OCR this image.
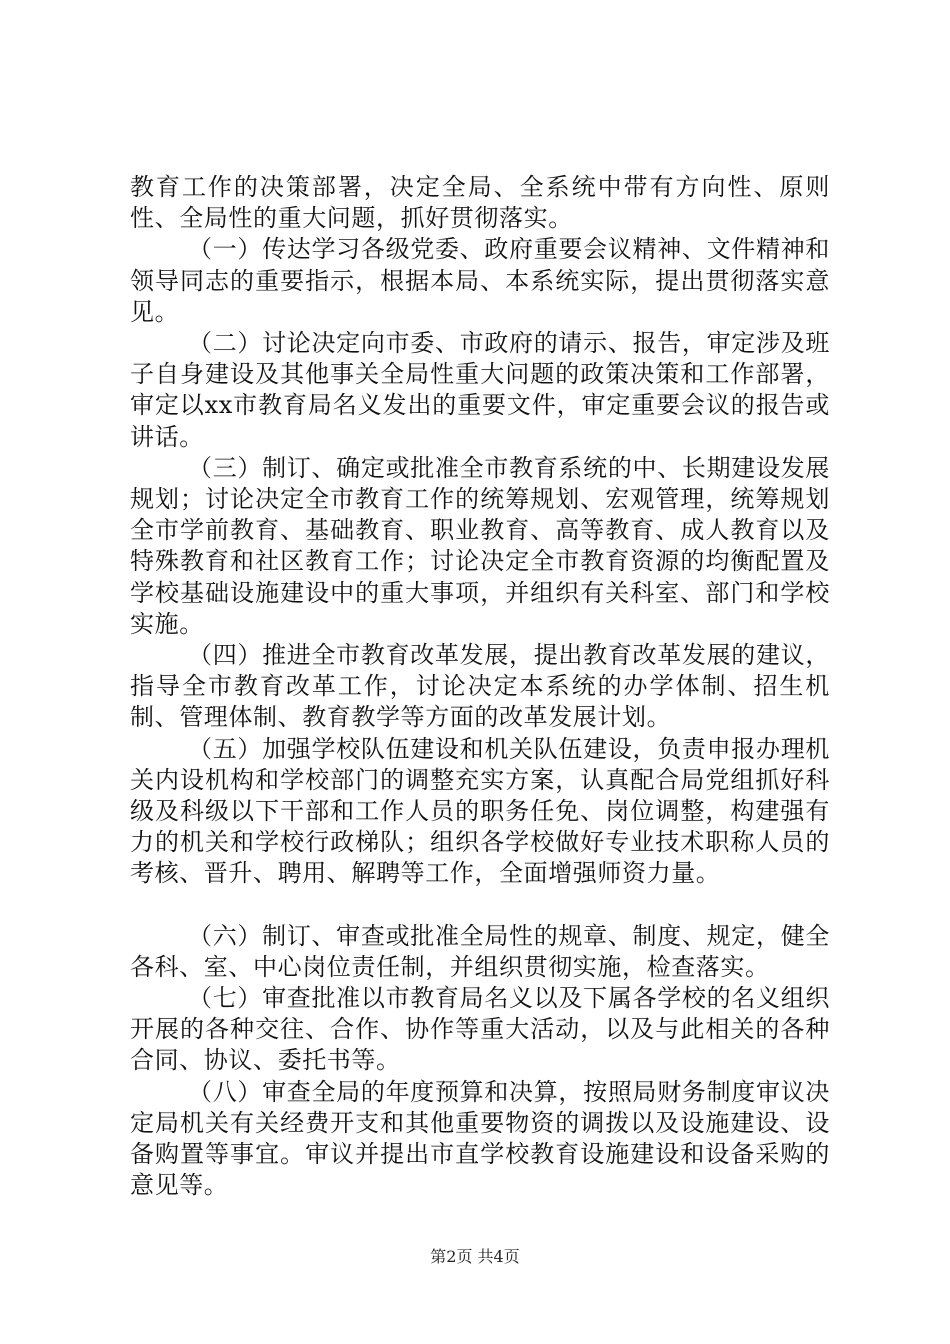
教育工作的决策部署，决定全局、全系统中带有方向性、原则性、全局性的重大问题，抓好贯彻落实。

（一）传达学习各级党委、政府重要会议精神、文件精神和领导同志的重要指示，根据本局、本系统实际，提出贯彻落实意见。

（二）讨论决定向市委、市政府的请示、报告，审定涉及班子自身建设及其他事关全局性重大问题的政策决策和工作部署，审定以xx市教育局名义发出的重要文件，审定重要会议的报告或讲话。

（三）制订、确定或批准全市教育系统的中、长期建设发展规划；讨论决定全市教育工作的统筹规划、宏观管理，统筹规划全市学前教育、基础教育、职业教育、高等教育、成人教育以及特殊教育和社区教育工作；讨论决定全市教育资源的均衡配置及学校基础设施建设中的重大事项，并组织有关科室、部门和学校实施。

（四）推进全市教育改革发展，提出教育改革发展的建议，指导全市教育改革工作，讨论决定本系统的办学体制、招生机制、管理体制、教育教学等方面的改革发展计划。

（五）加强学校队伍建设和机关队伍建设，负责申报办理机关内设机构和学校部门的调整充实方案，认真配合局党组抓好科级及科级以下干部和工作人员的职务任免、岗位调整，构建强有力的机关和学校行政梯队；组织各学校做好专业技术职称人员的考核、晋升、聘用、解聘等工作，全面增强师资力量。

（六）制订、审查或批准全局性的规章、制度、规定，健全各科、室、中心岗位责任制，并组织贯彻实施，检查落实。

（七）审查批准以市教育局名义以及下属各学校的名义组织开展的各种交往、合作、协作等重大活动，以及与此相关的各种合同、协议、委托书等。

（八）审查全局的年度预算和决算，按照局财务制度审议决定局机关有关经费开支和其他重要物资的调拨以及设施建设、设备购置等事宜。审议并提出市直学校教育设施建设和设备采购的意见等。

第2页 共4页
